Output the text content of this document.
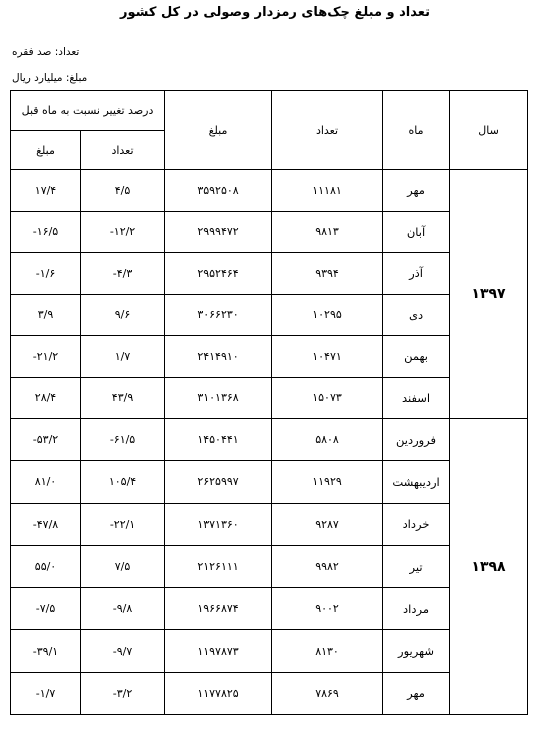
تعداد و مبلغ چک‌های رمزدار وصولی در کل کشور
تعداد: صد فقره
مبلغ: میلیارد ریال
سال	ماه	تعداد	مبلغ	درصد تغییر نسبت به ماه قبل	
				تعداد	مبلغ
۱۳۹۷	مهر	۱۱۱۸۱	۳۵۹۲۵۰۸	۴/۵	۱۷/۴
	آبان	۹۸۱۳	۲۹۹۹۴۷۲	-۱۲/۲	-۱۶/۵
	آذر	۹۳۹۴	۲۹۵۲۴۶۴	-۴/۳	-۱/۶
	دی	۱۰۲۹۵	۳۰۶۶۲۳۰	۹/۶	۳/۹
	بهمن	۱۰۴۷۱	۲۴۱۴۹۱۰	۱/۷	-۲۱/۲
	اسفند	۱۵۰۷۳	۳۱۰۱۳۶۸	۴۳/۹	۲۸/۴
۱۳۹۸	فروردین	۵۸۰۸	۱۴۵۰۴۴۱	-۶۱/۵	-۵۳/۲
	اردیبهشت	۱۱۹۲۹	۲۶۲۵۹۹۷	۱۰۵/۴	۸۱/۰
	خرداد	۹۲۸۷	۱۳۷۱۳۶۰	-۲۲/۱	-۴۷/۸
	تیر	۹۹۸۲	۲۱۲۶۱۱۱	۷/۵	۵۵/۰
	مرداد	۹۰۰۲	۱۹۶۶۸۷۴	-۹/۸	-۷/۵
	شهریور	۸۱۳۰	۱۱۹۷۸۷۳	-۹/۷	-۳۹/۱
	مهر	۷۸۶۹	۱۱۷۷۸۲۵	-۳/۲	-۱/۷
